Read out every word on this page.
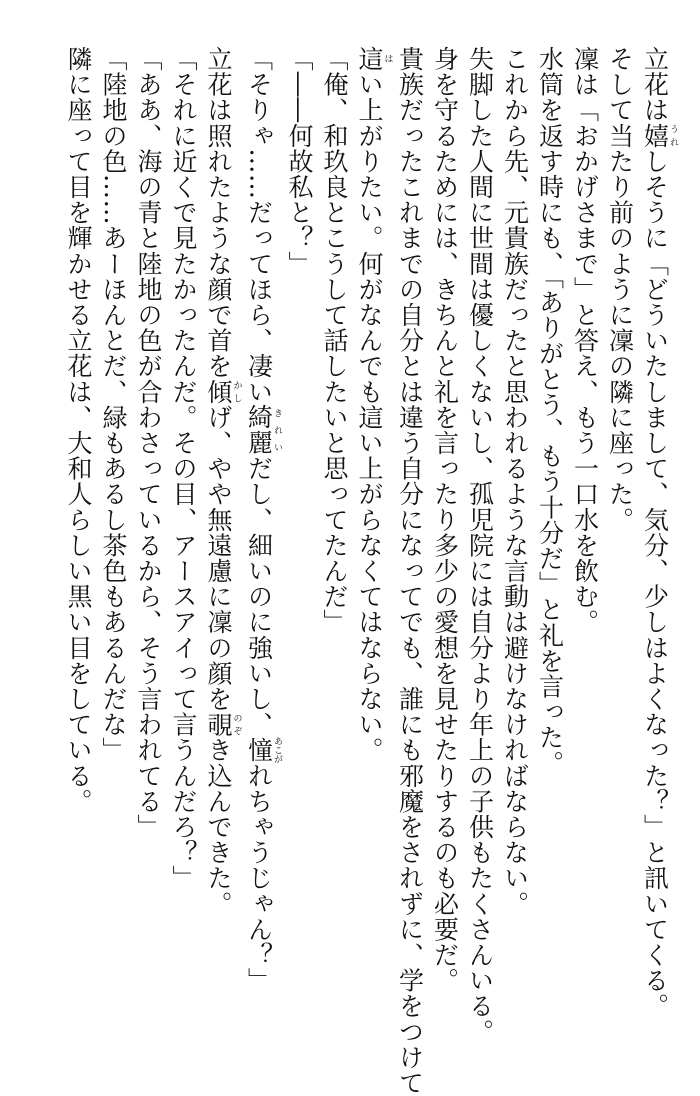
立花は嬉うれしそうに「どういたしまして、気分、少しはよくなった？」と訊いてくる。
そして当たり前のように凜の隣に座った。
凜は「おかげさまで」と答え、もう一口水を飲む。
水筒を返す時にも、「ありがとう、もう十分だ」と礼を言った。
これから先、元貴族だったと思われるような言動は避けなければならない。
失脚した人間に世間は優しくないし、孤児院には自分より年上の子供もたくさんいる。
身を守るためには、きちんと礼を言ったり多少の愛想を見せたりするのも必要だ。
貴族だったこれまでの自分とは違う自分になってでも、誰にも邪魔をされずに、学をつけて
這はい上がりたい。何がなんでも這い上がらなくてはならない。
「俺、和玖良とこうして話したいと思ってたんだ」
「――何故私と？」
「そりゃ……だってほら、凄い綺麗きれいだし、細いのに強いし、憧あこがれちゃうじゃん？」
立花は照れたような顔で首を傾かしげ、やや無遠慮に凜の顔を覗のぞき込んできた。
「それに近くで見たかったんだ。その目、アースアイって言うんだろ？」
「ああ、海の青と陸地の色が合わさっているから、そう言われてる」
「陸地の色……あーほんとだ、緑もあるし茶色もあるんだな」
隣に座って目を輝かせる立花は、大和人らしい黒い目をしている。
